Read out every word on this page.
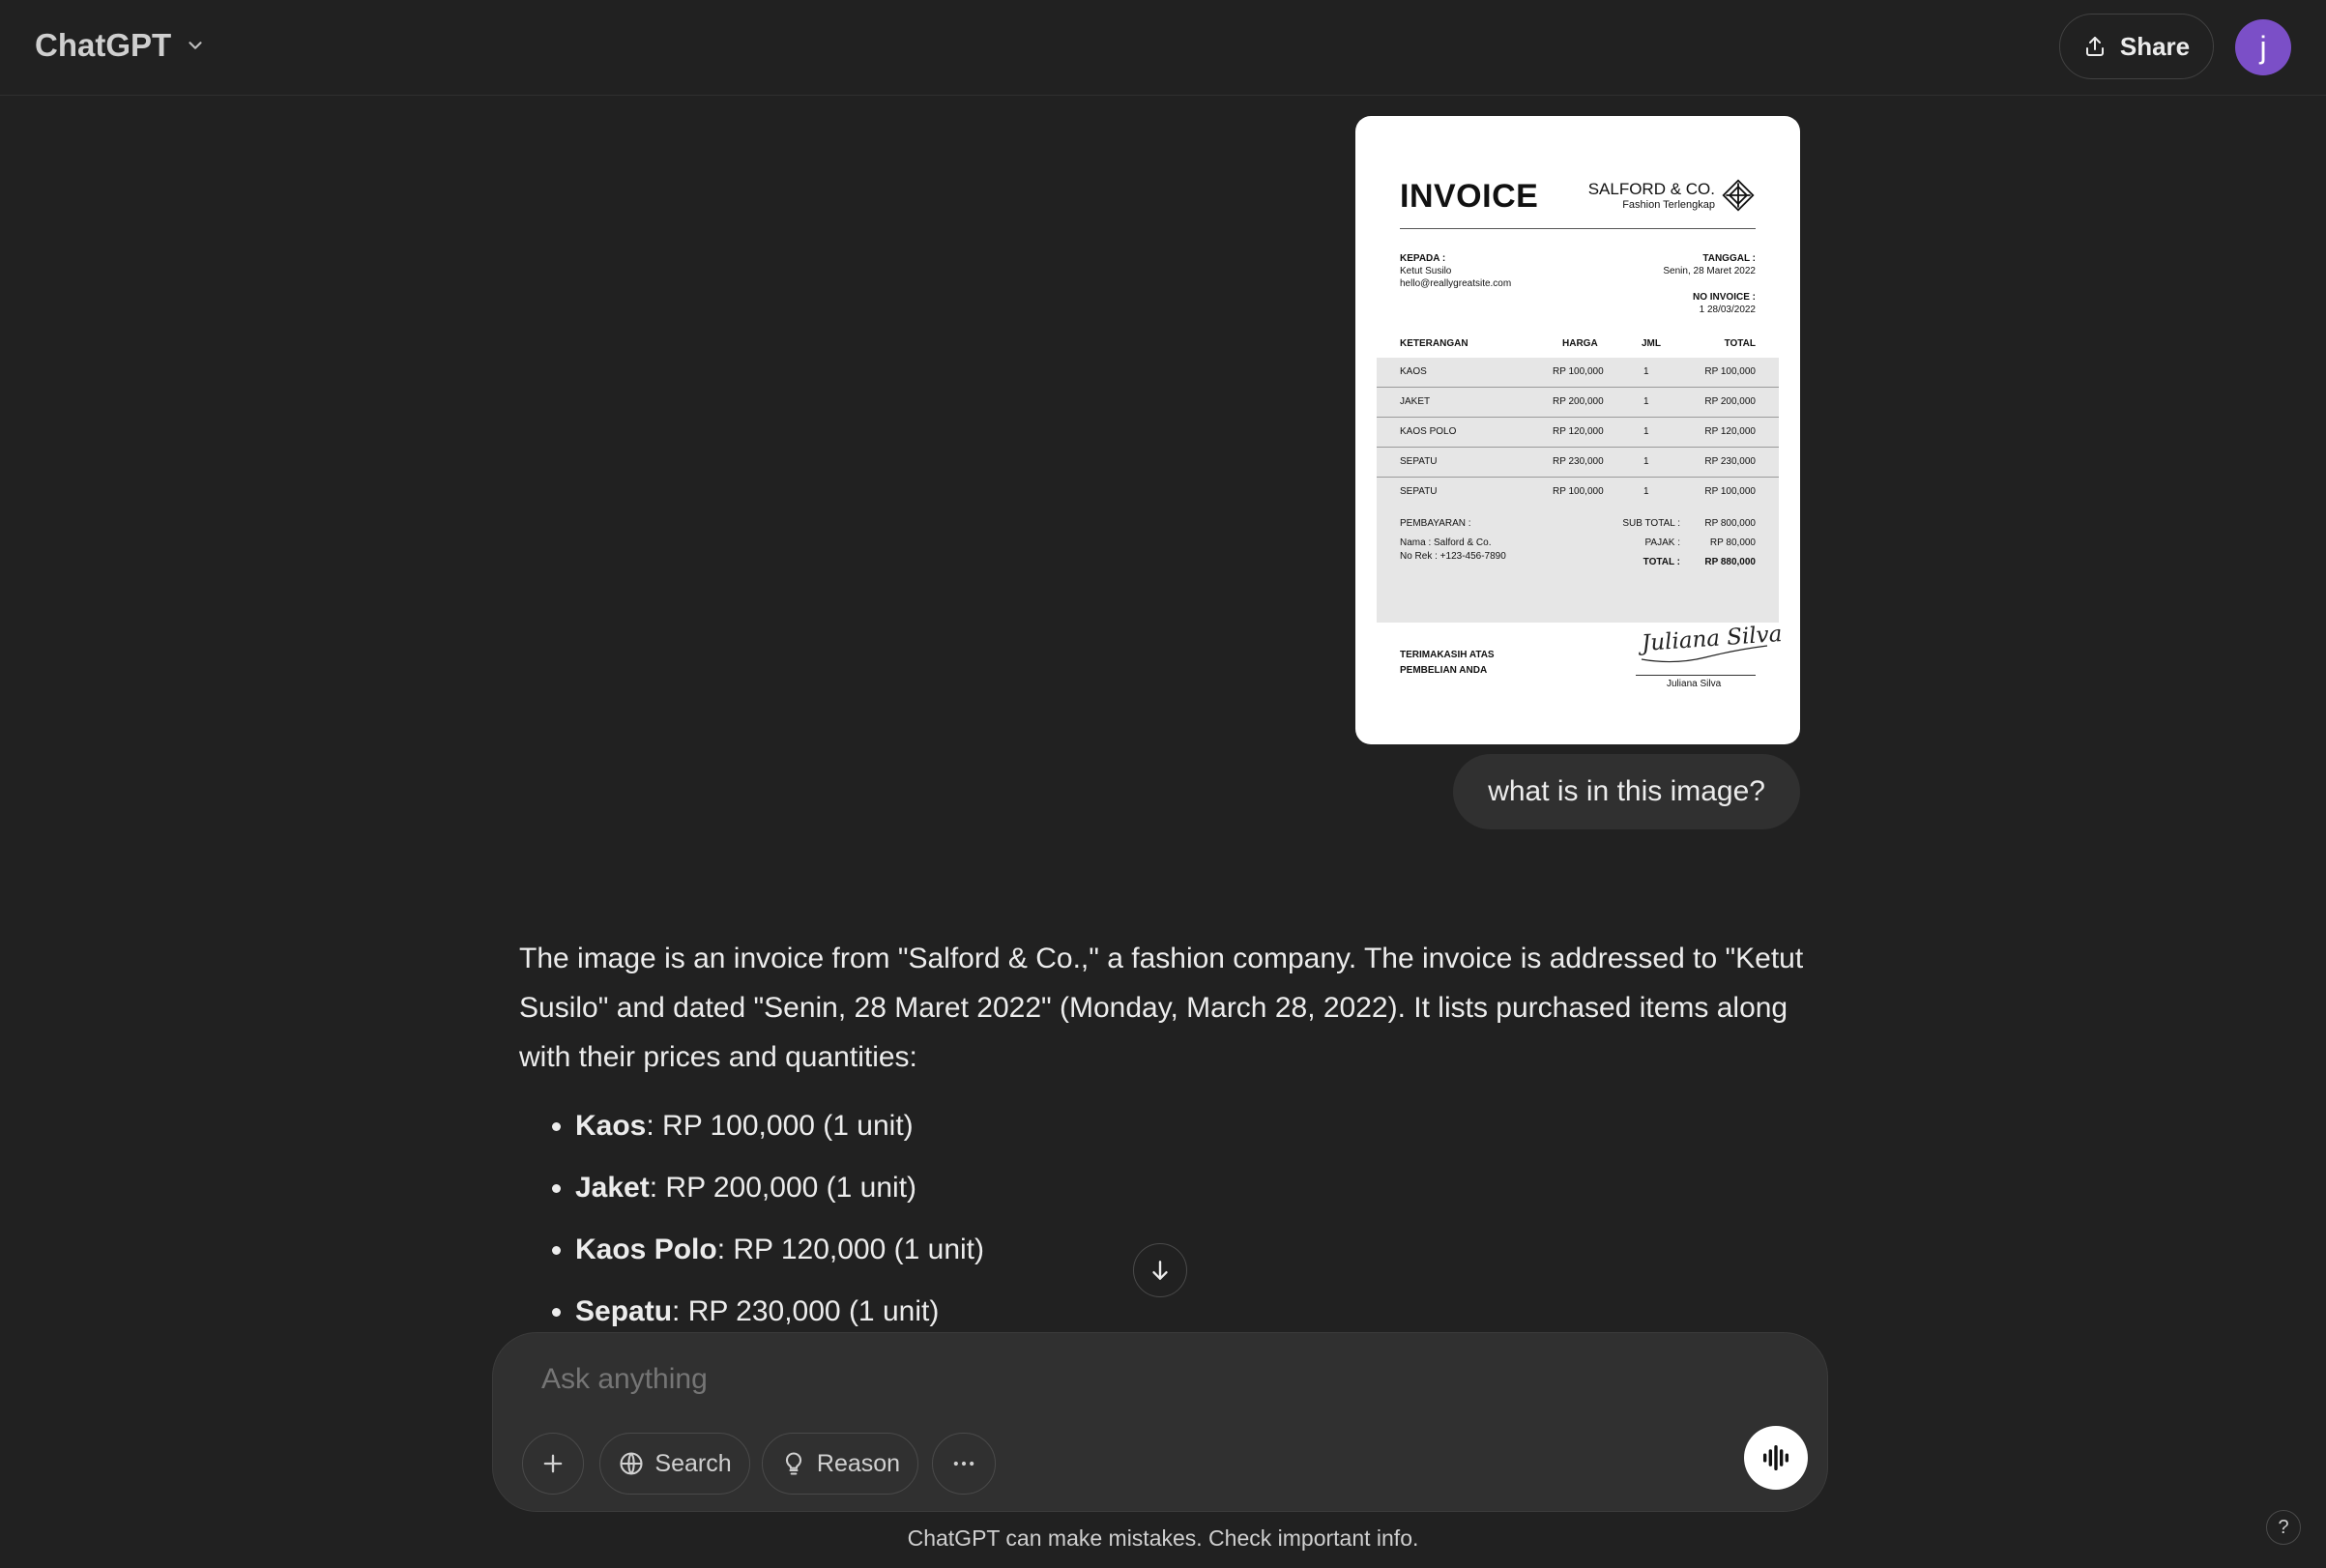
ChatGPT	Share	j
INVOICE	SALFORD & CO.
Fashion Terlengkap
KEPADA :
Ketut Susilo
hello@reallygreatsite.com
TANGGAL :
Senin, 28 Maret 2022
NO INVOICE :
1 28/03/2022
KETERANGAN	HARGA	JML	TOTAL
KAOS	RP 100,000	1	RP 100,000
JAKET	RP 200,000	1	RP 200,000
KAOS POLO	RP 120,000	1	RP 120,000
SEPATU	RP 230,000	1	RP 230,000
SEPATU	RP 100,000	1	RP 100,000
PEMBAYARAN :
Nama : Salford & Co.
No Rek : +123-456-7890
SUB TOTAL :	RP 800,000
PAJAK :	RP 80,000
TOTAL :	RP 880,000
TERIMAKASIH ATAS
PEMBELIAN ANDA
Juliana Silva
Juliana Silva
what is in this image?

The image is an invoice from "Salford & Co.," a fashion company. The invoice is addressed to "Ketut Susilo" and dated "Senin, 28 Maret 2022" (Monday, March 28, 2022). It lists purchased items along with their prices and quantities:

• Kaos: RP 100,000 (1 unit)
• Jaket: RP 200,000 (1 unit)
• Kaos Polo: RP 120,000 (1 unit)
• Sepatu: RP 230,000 (1 unit)
Ask anything
Search	Reason
ChatGPT can make mistakes. Check important info.	?
